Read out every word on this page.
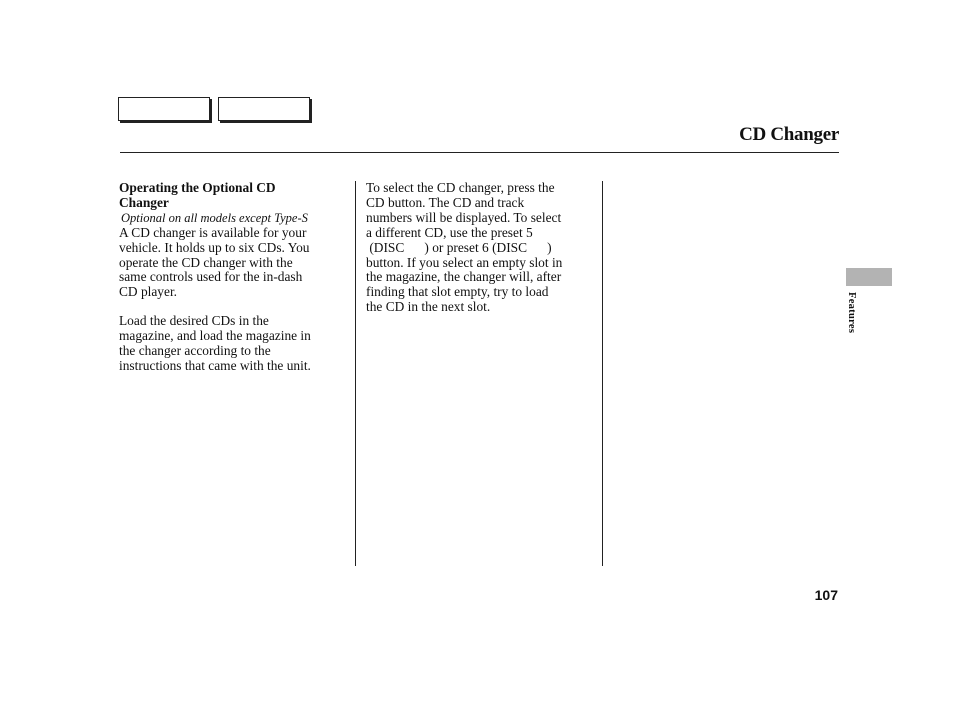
CD Changer
Operating the Optional CD
Changer
Optional on all models except Type-S
A CD changer is available for your
vehicle. It holds up to six CDs. You
operate the CD changer with the
same controls used for the in-dash
CD player.
Load the desired CDs in the
magazine, and load the magazine in
the changer according to the
instructions that came with the unit.
To select the CD changer, press the
CD button. The CD and track
numbers will be displayed. To select
a different CD, use the preset 5
(DISC      ) or preset 6 (DISC      )
button. If you select an empty slot in
the magazine, the changer will, after
finding that slot empty, try to load
the CD in the next slot.	Features
107
